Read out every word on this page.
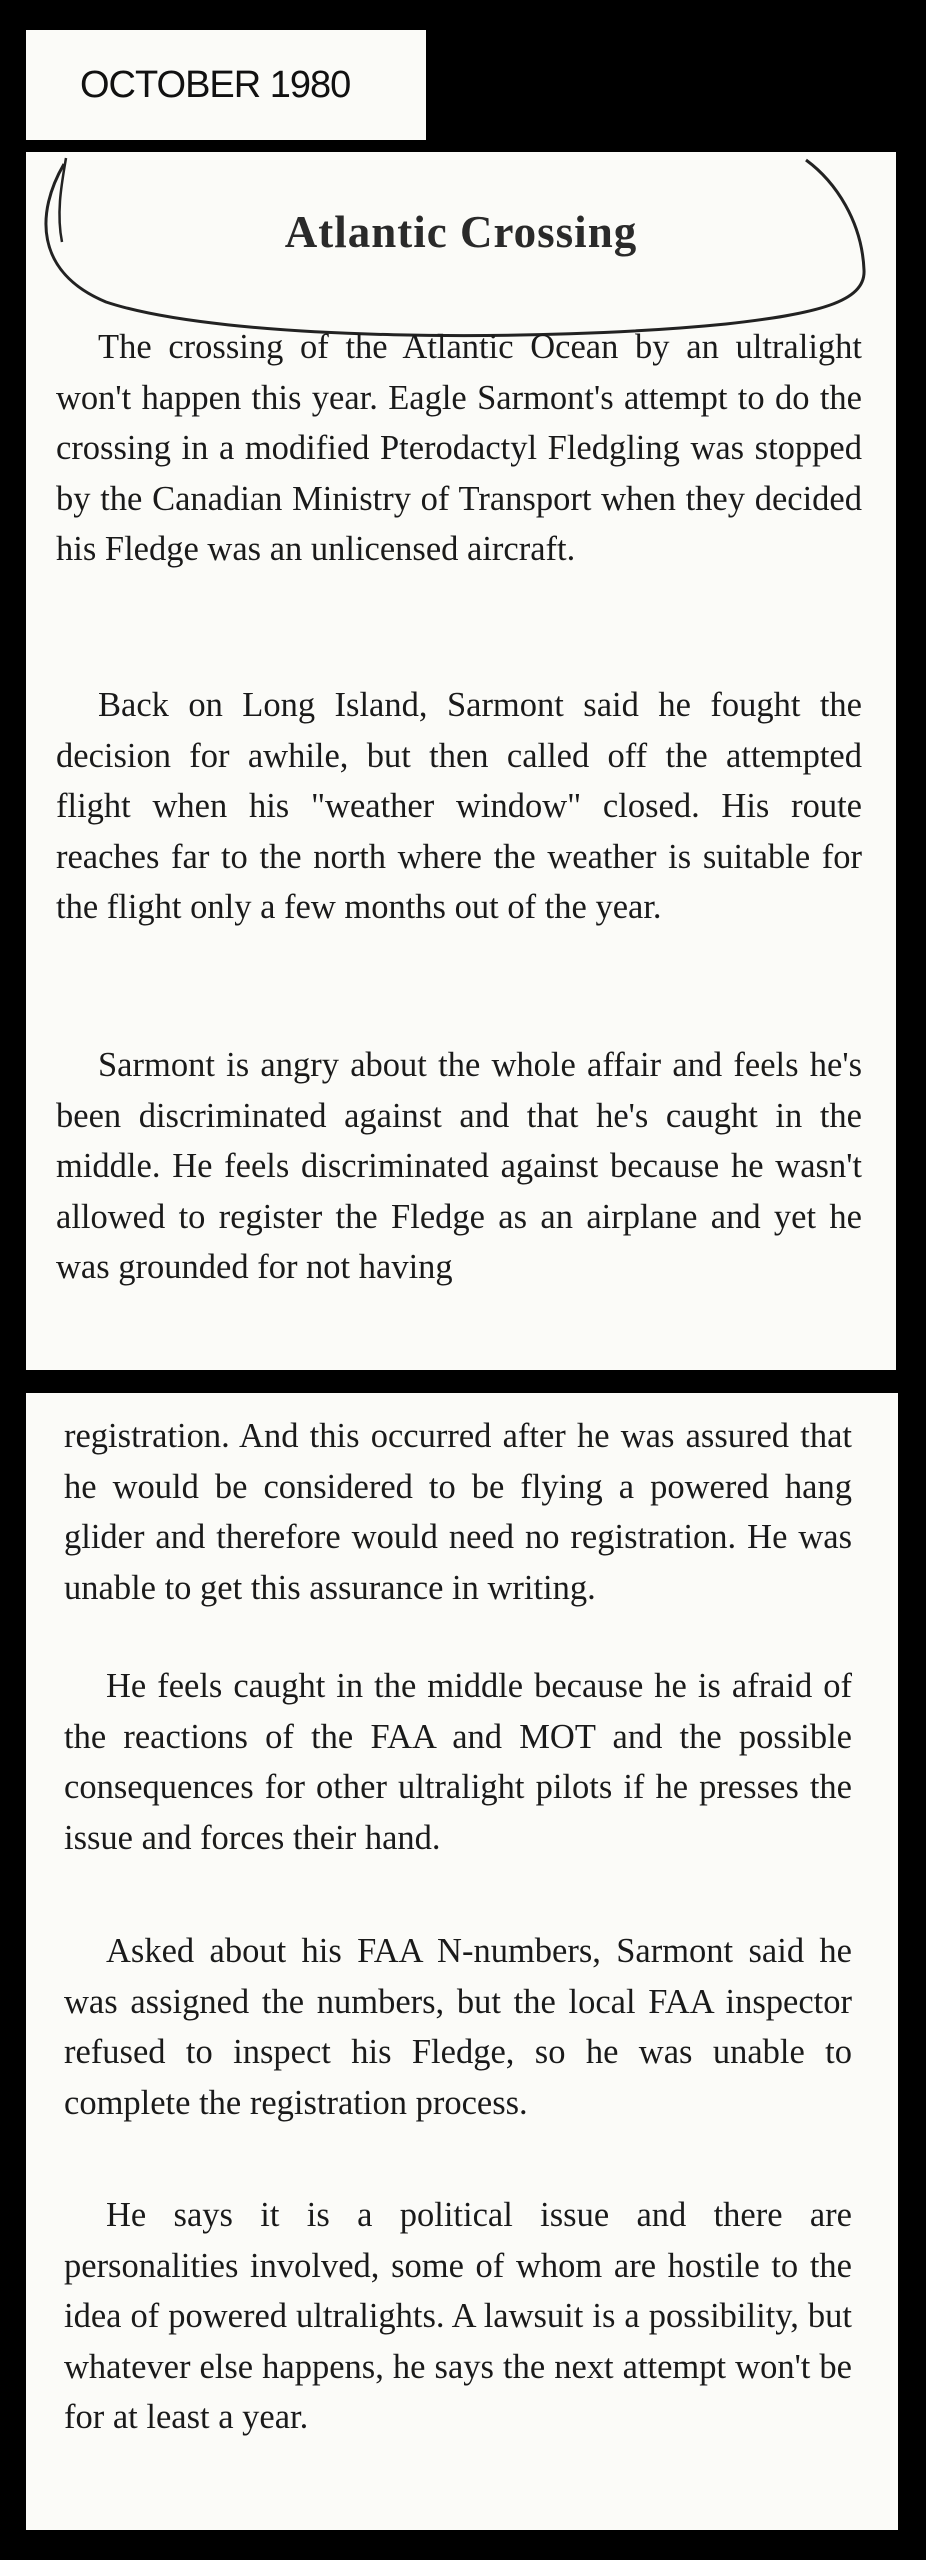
OCTOBER 1980
Atlantic Crossing

The crossing of the Atlantic Ocean by an ultralight won't happen this year. Eagle Sarmont's attempt to do the crossing in a modified Pterodactyl Fledgling was stopped by the Canadian Ministry of Transport when they decided his Fledge was an unlicensed aircraft.

Back on Long Island, Sarmont said he fought the decision for awhile, but then called off the attempted flight when his "weather window" closed. His route reaches far to the north where the weather is suitable for the flight only a few months out of the year.

Sarmont is angry about the whole affair and feels he's been discriminated against and that he's caught in the middle. He feels discriminated against because he wasn't allowed to register the Fledge as an airplane and yet he was grounded for not having

registration. And this occurred after he was assured that he would be considered to be flying a powered hang glider and therefore would need no registration. He was unable to get this assurance in writing.

He feels caught in the middle because he is afraid of the reactions of the FAA and MOT and the possible consequences for other ultralight pilots if he presses the issue and forces their hand.

Asked about his FAA N-numbers, Sarmont said he was assigned the numbers, but the local FAA inspector refused to inspect his Fledge, so he was unable to complete the registration process.

He says it is a political issue and there are personalities involved, some of whom are hostile to the idea of powered ultralights. A lawsuit is a possibility, but whatever else happens, he says the next attempt won't be for at least a year.
